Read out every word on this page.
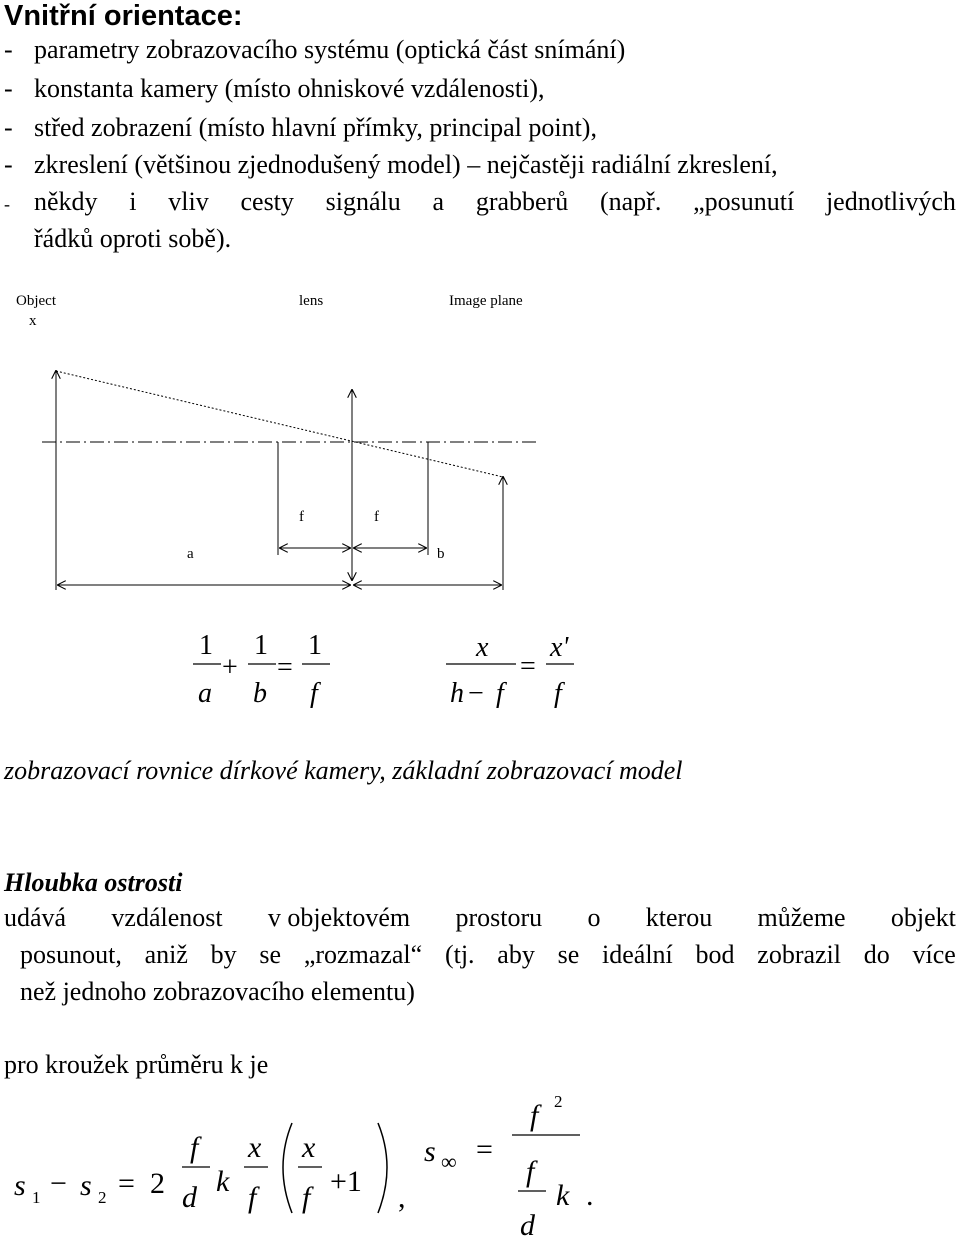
Vnitřní orientace:
- parametry zobrazovacího systému (optická část snímání)
- konstanta kamery (místo ohniskové vzdálenosti),
- střed zobrazení (místo hlavní přímky, principal point),
- zkreslení (většinou zjednodušený model) – nejčastěji radiální zkreslení,
- někdy i vliv cesty signálu a grabberů (např. „posunutí jednotlivých
řádků oproti sobě).
Object
x
lens	Image plane
f	f
a	b
1
a
+
1
b
=
1
f
x
h − f
=
x'
f
zobrazovací rovnice dírkové kamery, základní zobrazovací model
Hloubka ostrosti
udává vzdálenost v objektovém prostoru o kterou můžeme objekt
posunout, aniž by se „rozmazal“ (tj. aby se ideální bod zobrazil do více
než jednoho zobrazovacího elementu)
pro kroužek průměru k je
s 1 − s 2 = 2
f
d k
x
f
x
f +1 ,
s ∞ =
f 2
f
d
k .
